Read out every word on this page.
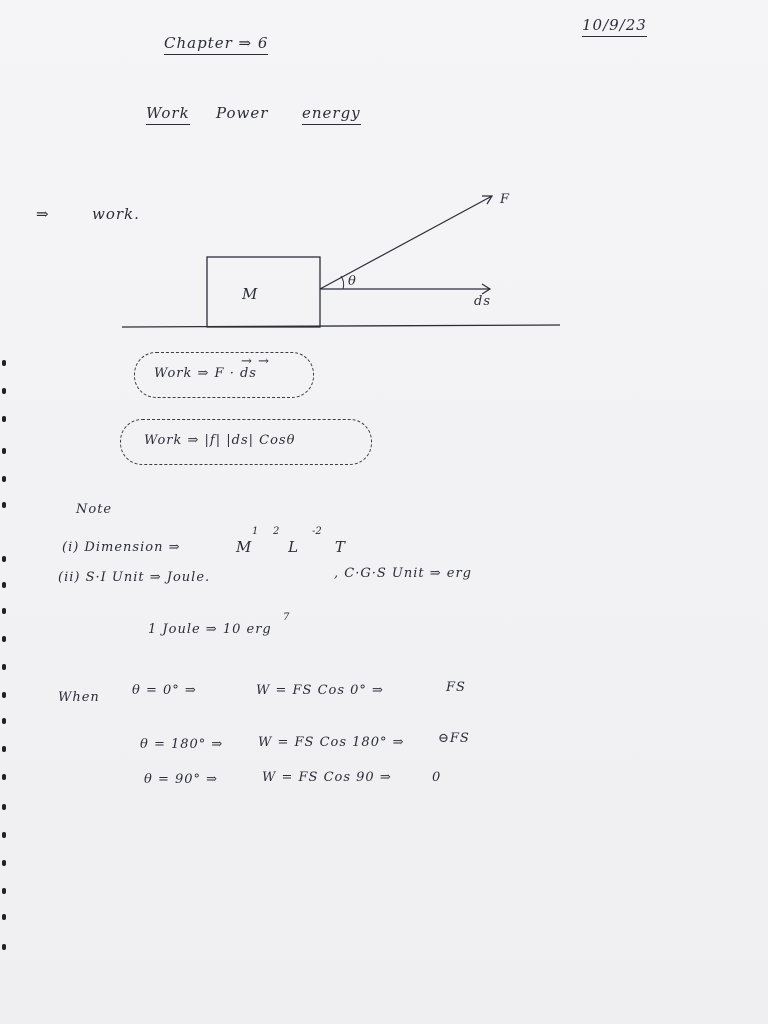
10/9/23
Chapter ⇒ 6
Work Power energy
⇒	work.
M
F
θ
ds
Work ⇒ F · ds
→ →
Work ⇒ |f| |ds| Cosθ
Note
(i) Dimension ⇒	M L T
1 2	-2
(ii) S·I Unit ⇒ Joule.	, C·G·S Unit ⇒ erg
1 Joule ⇒ 10 erg
7
When θ = 0° ⇒	W = FS Cos 0° ⇒	FS
θ = 180° ⇒	W = FS Cos 180° ⇒	⊖FS
θ = 90° ⇒	W = FS Cos 90 ⇒	0
